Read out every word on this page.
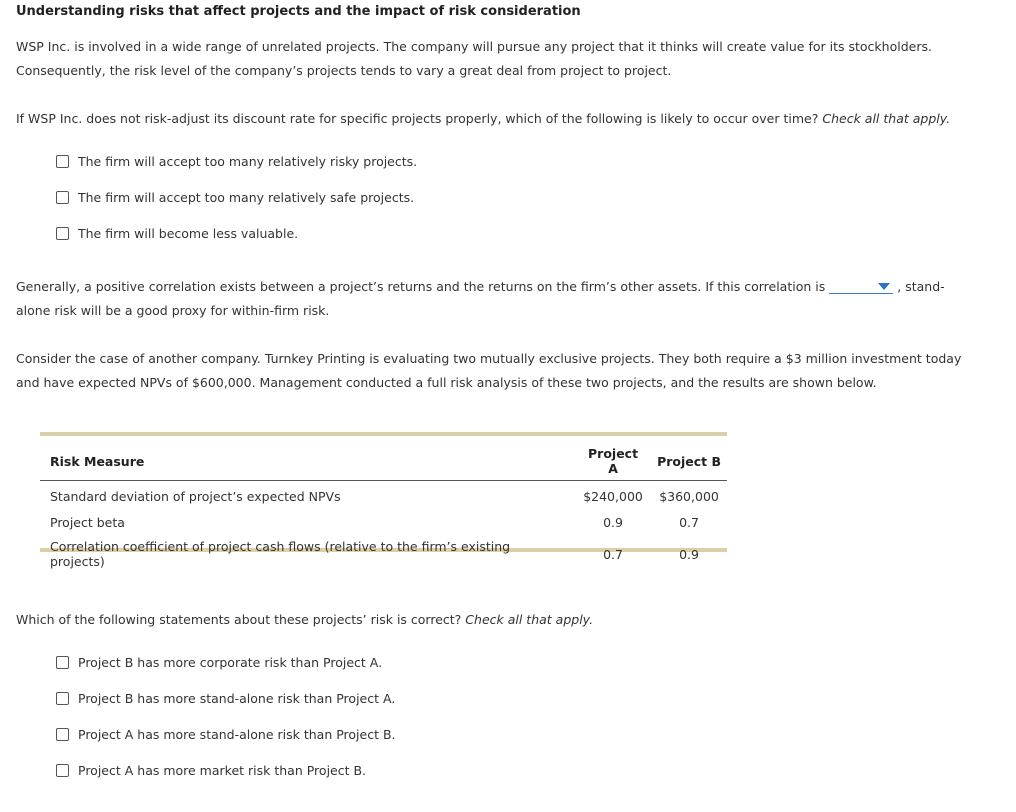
Understanding risks that affect projects and the impact of risk consideration
WSP Inc. is involved in a wide range of unrelated projects. The company will pursue any project that it thinks will create value for its stockholders.
Consequently, the risk level of the company’s projects tends to vary a great deal from project to project.
If WSP Inc. does not risk-adjust its discount rate for specific projects properly, which of the following is likely to occur over time? Check all that apply.
The firm will accept too many relatively risky projects.
The firm will accept too many relatively safe projects.
The firm will become less valuable.
Generally, a positive correlation exists between a project’s returns and the returns on the firm’s other assets. If this correlation is	, stand-
alone risk will be a good proxy for within-firm risk.
Consider the case of another company. Turnkey Printing is evaluating two mutually exclusive projects. They both require a $3 million investment today
and have expected NPVs of $600,000. Management conducted a full risk analysis of these two projects, and the results are shown below.
Risk Measure	Project A	Project B
Standard deviation of project’s expected NPVs	$240,000	$360,000
Project beta	0.9	0.7
Correlation coefficient of project cash flows (relative to the firm’s existing projects)	0.7	0.9
Which of the following statements about these projects’ risk is correct? Check all that apply.
Project B has more corporate risk than Project A.
Project B has more stand-alone risk than Project A.
Project A has more stand-alone risk than Project B.
Project A has more market risk than Project B.
